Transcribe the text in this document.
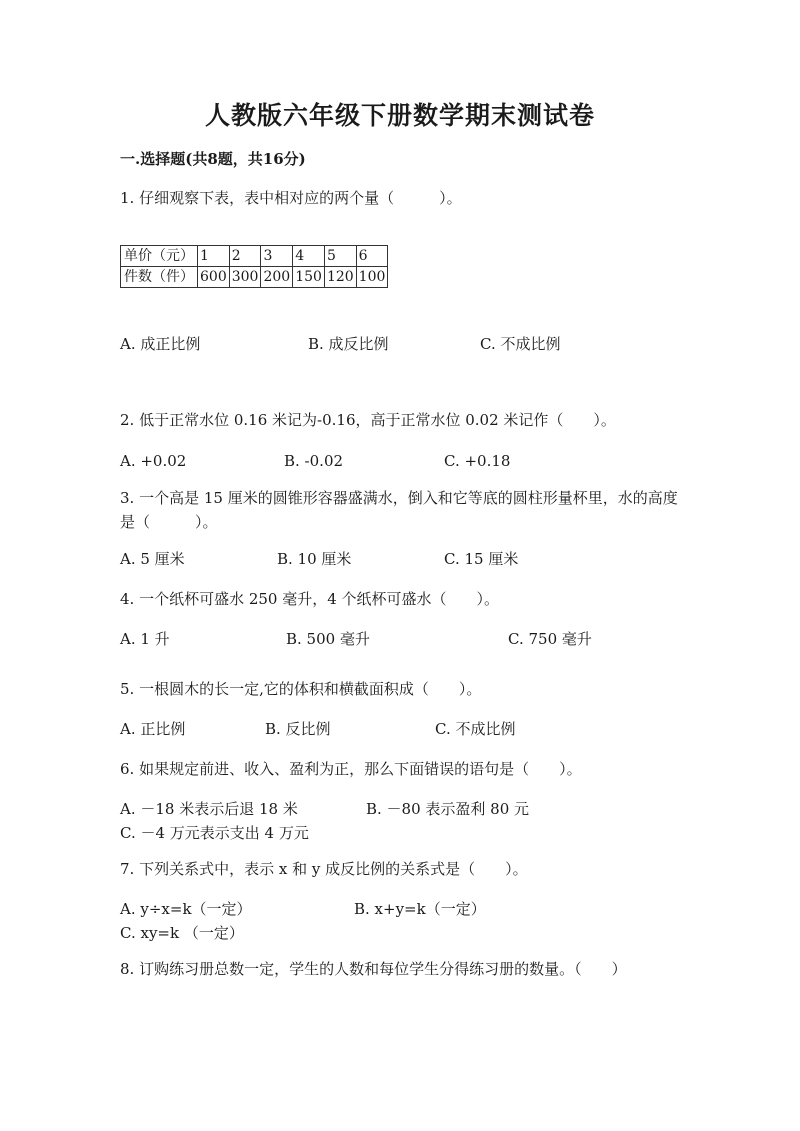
人教版六年级下册数学期末测试卷
一.选择题(共8题，共16分)
1. 仔细观察下表，表中相对应的两个量（　　　）。
单价（元）	1	2	3	4	5	6
件数（件）	600	300	200	150	120	100
A. 成正比例	B. 成反比例	C. 不成比例
2. 低于正常水位 0.16 米记为-0.16，高于正常水位 0.02 米记作（　　）。
A. +0.02	B. -0.02	C. +0.18
3. 一个高是 15 厘米的圆锥形容器盛满水，倒入和它等底的圆柱形量杯里，水的高度是（　　　）。
A. 5 厘米	B. 10 厘米	C. 15 厘米
4. 一个纸杯可盛水 250 毫升，4 个纸杯可盛水（　　）。
A. 1 升	B. 500 毫升	C. 750 毫升
5. 一根圆木的长一定,它的体积和横截面积成（　　）。
A. 正比例	B. 反比例	C. 不成比例
6. 如果规定前进、收入、盈利为正，那么下面错误的语句是（　　）。
A. －18 米表示后退 18 米	B. －80 表示盈利 80 元C. －4 万元表示支出 4 万元
7. 下列关系式中，表示 x 和 y 成反比例的关系式是（　　）。
A. y÷x=k（一定）	B. x+y=k（一定）C. xy=k （一定）
8. 订购练习册总数一定，学生的人数和每位学生分得练习册的数量。（　　）
